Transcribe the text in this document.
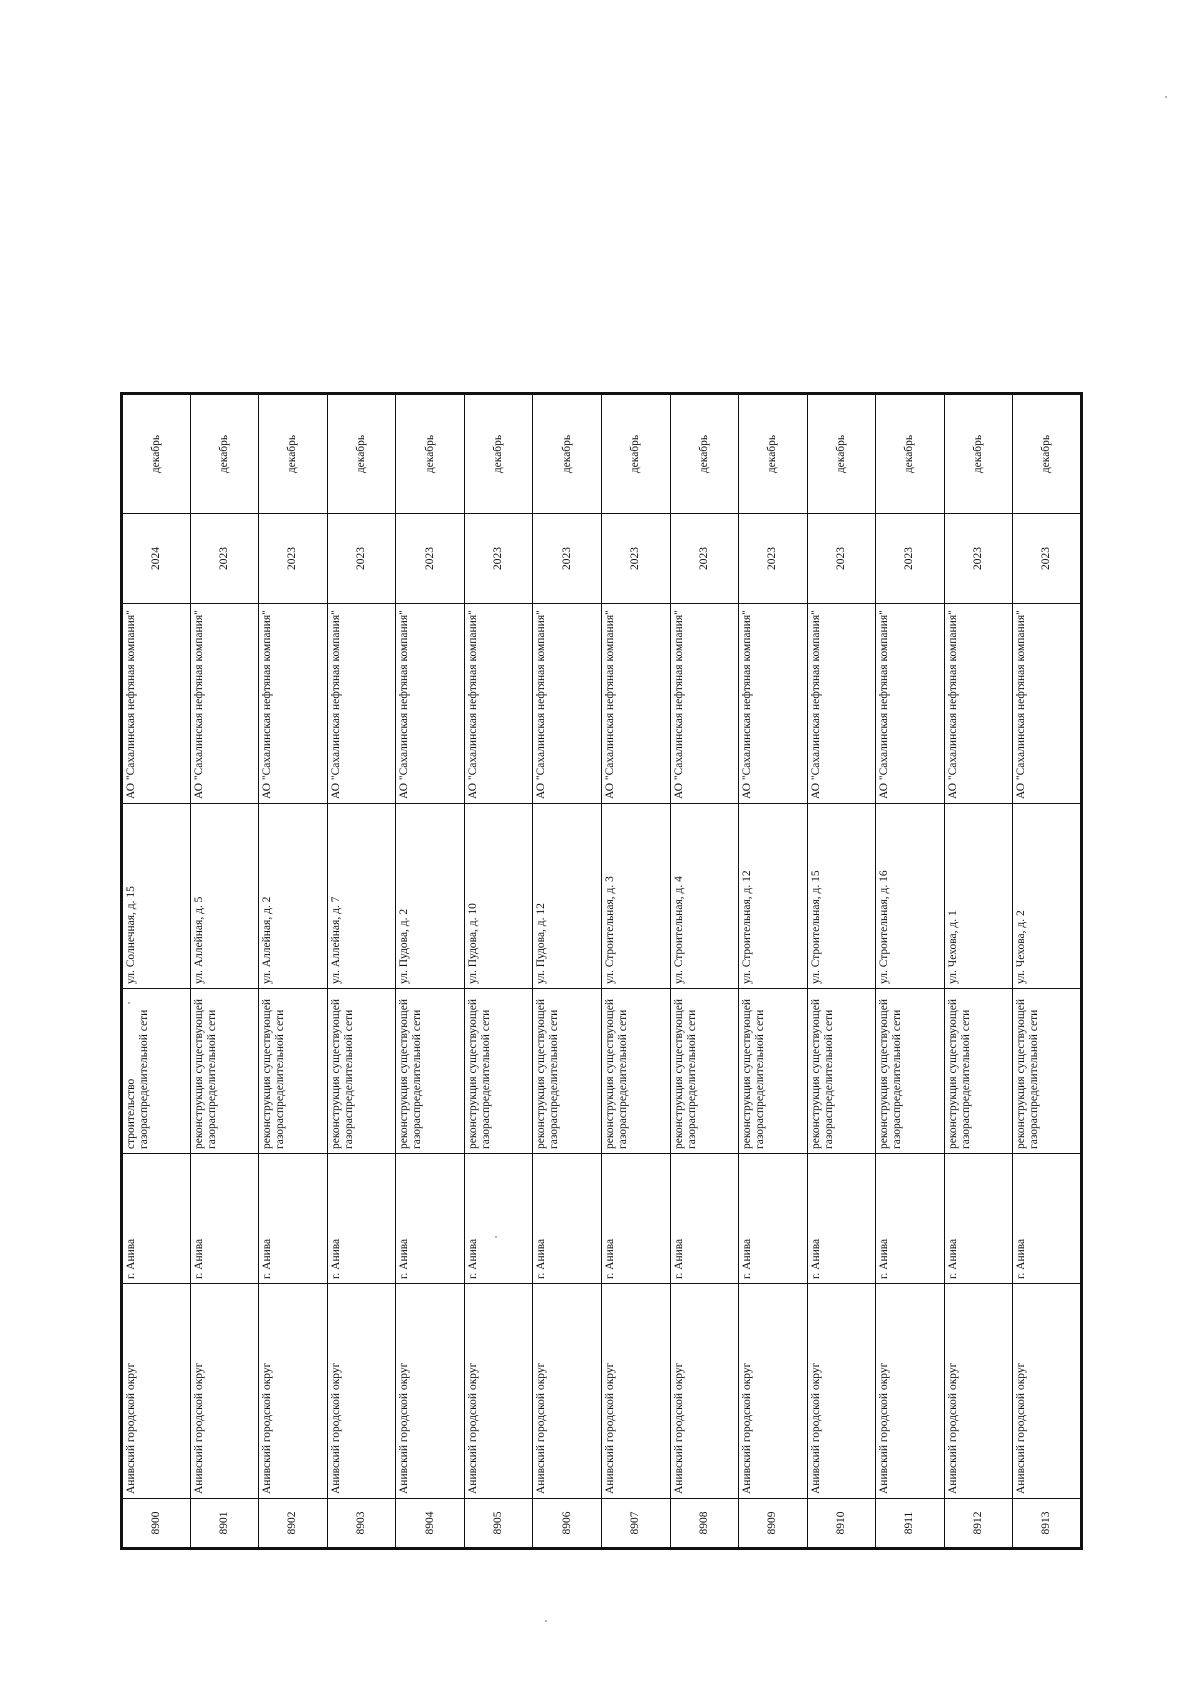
8900	Анивский городской округ	г. Анива	строительство газораспределительной сети	ул. Солнечная, д. 15	АО "Сахалинская нефтяная компания"	2024	декабрь
8901	Анивский городской округ	г. Анива	реконструкция существующей газораспределительной сети	ул. Аллейная, д. 5	АО "Сахалинская нефтяная компания"	2023	декабрь
8902	Анивский городской округ	г. Анива	реконструкция существующей газораспределительной сети	ул. Аллейная, д. 2	АО "Сахалинская нефтяная компания"	2023	декабрь
8903	Анивский городской округ	г. Анива	реконструкция существующей газораспределительной сети	ул. Аллейная, д. 7	АО "Сахалинская нефтяная компания"	2023	декабрь
8904	Анивский городской округ	г. Анива	реконструкция существующей газораспределительной сети	ул. Пудова, д. 2	АО "Сахалинская нефтяная компания"	2023	декабрь
8905	Анивский городской округ	г. Анива	реконструкция существующей газораспределительной сети	ул. Пудова, д. 10	АО "Сахалинская нефтяная компания"	2023	декабрь
8906	Анивский городской округ	г. Анива	реконструкция существующей газораспределительной сети	ул. Пудова, д. 12	АО "Сахалинская нефтяная компания"	2023	декабрь
8907	Анивский городской округ	г. Анива	реконструкция существующей газораспределительной сети	ул. Строительная, д. 3	АО "Сахалинская нефтяная компания"	2023	декабрь
8908	Анивский городской округ	г. Анива	реконструкция существующей газораспределительной сети	ул. Строительная, д. 4	АО "Сахалинская нефтяная компания"	2023	декабрь
8909	Анивский городской округ	г. Анива	реконструкция существующей газораспределительной сети	ул. Строительная, д. 12	АО "Сахалинская нефтяная компания"	2023	декабрь
8910	Анивский городской округ	г. Анива	реконструкция существующей газораспределительной сети	ул. Строительная, д. 15	АО "Сахалинская нефтяная компания"	2023	декабрь
8911	Анивский городской округ	г. Анива	реконструкция существующей газораспределительной сети	ул. Строительная, д. 16	АО "Сахалинская нефтяная компания"	2023	декабрь
8912	Анивский городской округ	г. Анива	реконструкция существующей газораспределительной сети	ул. Чехова, д. 1	АО "Сахалинская нефтяная компания"	2023	декабрь
8913	Анивский городской округ	г. Анива	реконструкция существующей газораспределительной сети	ул. Чехова, д. 2	АО "Сахалинская нефтяная компания"	2023	декабрь
